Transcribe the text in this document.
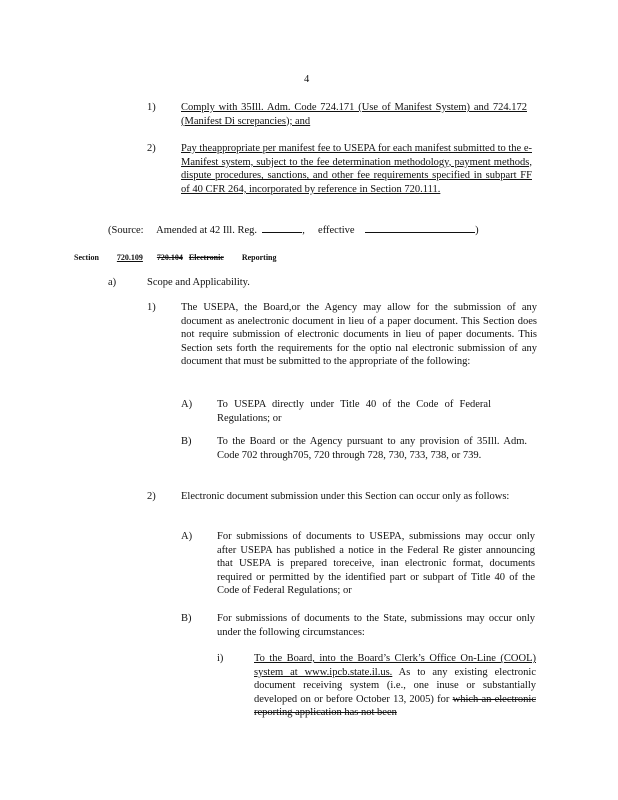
4
1) Comply with 35Ill. Adm. Code 724.171 (Use of Manifest System) and 724.172 (Manifest Di screpancies); and
2) Pay theappropriate per manifest fee to USEPA for each manifest submitted to the e-Manifest system, subject to the fee determination methodology, payment methods, dispute procedures, sanctions, and other fee requirements specified in subpart FF of 40 CFR 264, incorporated by reference in Section 720.111.
(Source: Amended at 42 Ill. Reg.	, effective	)
Section 720.109 720.104 Electronic Reporting
a)	Scope and Applicability.
1) The USEPA, the Board,or the Agency may allow for the submission of any document as anelectronic document in lieu of a paper document. This Section does not require submission of electronic documents in lieu of paper documents. This Section sets forth the requirements for the optio nal electronic submission of any document that must be submitted to the appropriate of the following:
A) To USEPA directly under Title 40 of the Code of Federal Regulations; or
B) To the Board or the Agency pursuant to any provision of 35Ill. Adm. Code 702 through705, 720 through 728, 730, 733, 738, or 739.
2) Electronic document submission under this Section can occur only as follows:
A) For submissions of documents to USEPA, submissions may occur only after USEPA has published a notice in the Federal Re gister announcing that USEPA is prepared toreceive, inan electronic format, documents required or permitted by the identified part or subpart of Title 40 of the Code of Federal Regulations; or
B) For submissions of documents to the State, submissions may occur only under the following circumstances:
i)	To the Board, into the Board’s Clerk’s Office On-Line (COOL) system at www.ipcb.state.il.us. As to any existing electronic document receiving system (i.e., one inuse or substantially developed on or before October 13, 2005) for which an electronic reporting application has not been
